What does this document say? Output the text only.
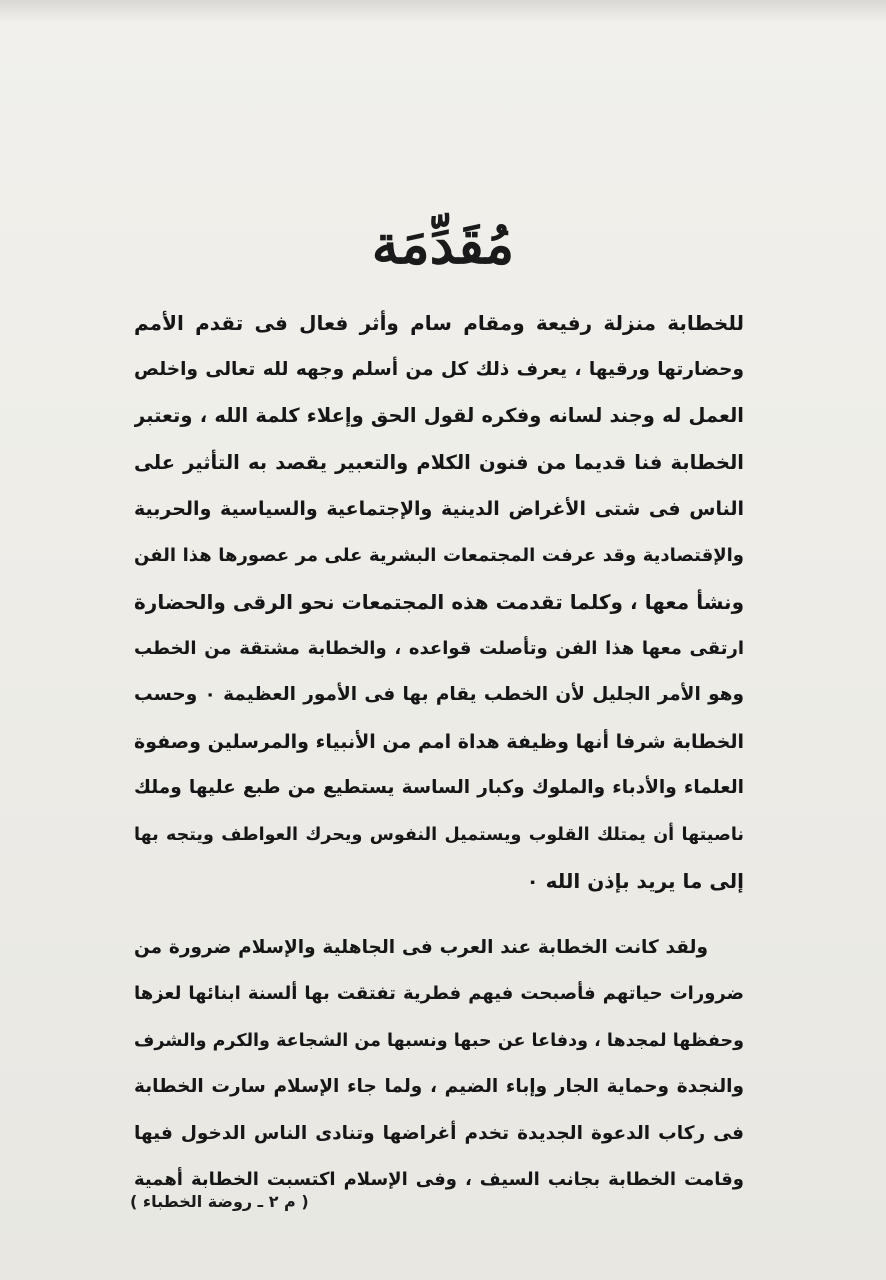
مُقَدِّمَة
للخطابة منزلة رفيعة ومقام سام وأثر فعال فى تقدم الأمم
وحضارتها ورقيها ، يعرف ذلك كل من أسلم وجهه لله تعالى واخلص
العمل له وجند لسانه وفكره لقول الحق وإعلاء كلمة الله ، وتعتبر
الخطابة فنا قديما من فنون الكلام والتعبير يقصد به التأثير على
الناس فى شتى الأغراض الدينية والإجتماعية والسياسية والحربية
والإقتصادية وقد عرفت المجتمعات البشرية على مر عصورها هذا الفن
ونشأ معها ، وكلما تقدمت هذه المجتمعات نحو الرقى والحضارة
ارتقى معها هذا الفن وتأصلت قواعده ، والخطابة مشتقة من الخطب
وهو الأمر الجليل لأن الخطب يقام بها فى الأمور العظيمة ٠ وحسب
الخطابة شرفا أنها وظيفة هداة امم من الأنبياء والمرسلين وصفوة
العلماء والأدباء والملوك وكبار الساسة يستطيع من طبع عليها وملك
ناصيتها أن يمتلك القلوب ويستميل النفوس ويحرك العواطف ويتجه بها
إلى ما يريد بإذن الله ٠
ولقد كانت الخطابة عند العرب فى الجاهلية والإسلام ضرورة من
ضرورات حياتهم فأصبحت فيهم فطرية تفتقت بها ألسنة ابنائها لعزها
وحفظها لمجدها ، ودفاعا عن حبها ونسبها من الشجاعة والكرم والشرف
والنجدة وحماية الجار وإباء الضيم ، ولما جاء الإسلام سارت الخطابة
فى ركاب الدعوة الجديدة تخدم أغراضها وتنادى الناس الدخول فيها
وقامت الخطابة بجانب السيف ، وفى الإسلام اكتسبت الخطابة أهمية
( م ٢ ـ روضة الخطباء )
